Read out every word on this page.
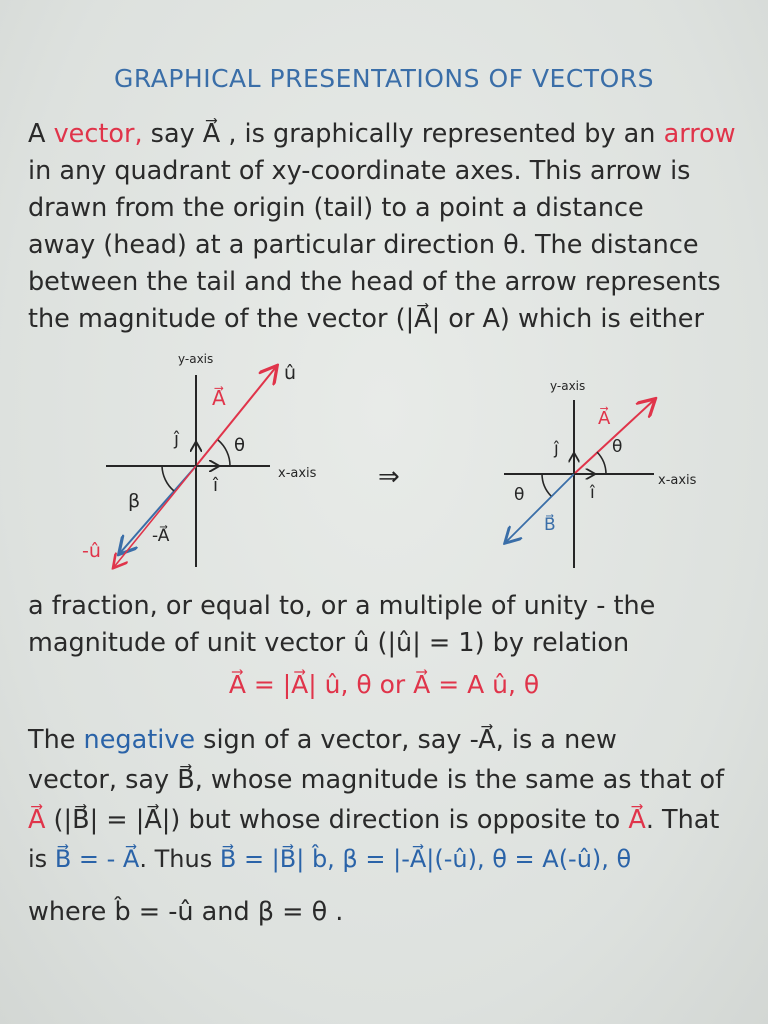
GRAPHICAL PRESENTATIONS OF VECTORS
A vector, say A⃗ , is graphically represented by an arrow
in any quadrant of xy-coordinate axes. This arrow is
drawn from the origin (tail) to a point a distance
away (head) at a particular direction θ. The distance
between the tail and the head of the arrow represents
the magnitude of the vector (|A⃗| or A) which is either
y-axis
x-axis
A⃗
û
-A⃗
-û
î
ĵ	θ
β
⇒
y-axis
x-axis
A⃗
B⃗
î
ĵ	θ
θ
a fraction, or equal to, or a multiple of unity - the
magnitude of unit vector û (|û| = 1) by relation
A⃗ = |A⃗| û, θ or A⃗ = A û, θ
The negative sign of a vector, say -A⃗, is a new
vector, say B⃗, whose magnitude is the same as that of
A⃗ (|B⃗| = |A⃗|) but whose direction is opposite to A⃗. That
is B⃗ = - A⃗. Thus B⃗ = |B⃗| b̂, β = |-A⃗|(-û), θ = A(-û), θ
where b̂ = -û and β = θ .
